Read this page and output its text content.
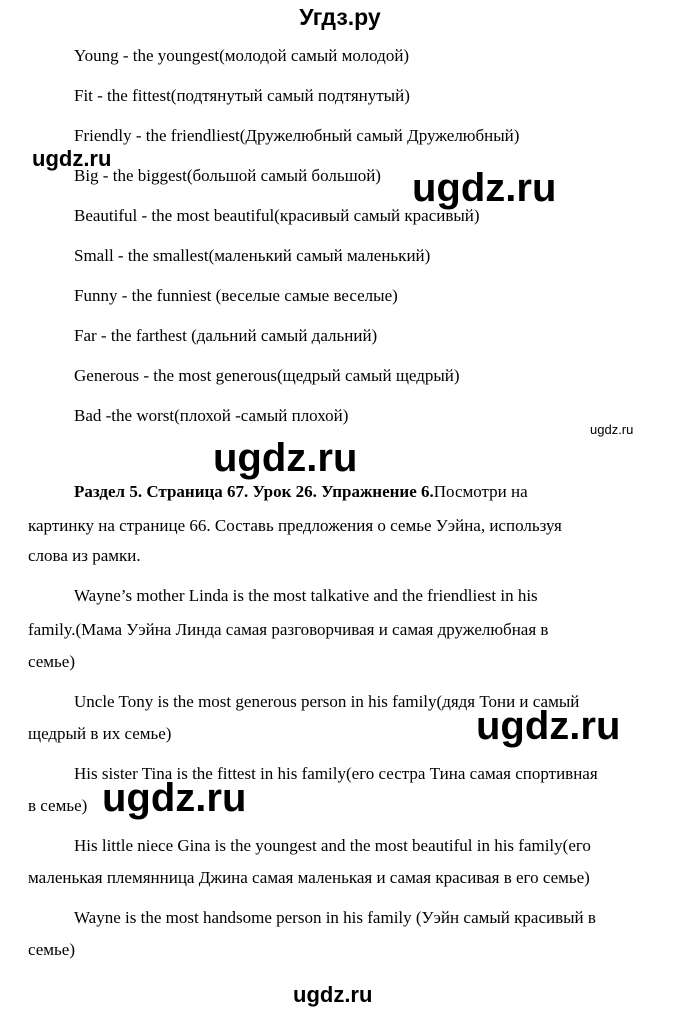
Угдз.ру
Young - the youngest(молодой самый молодой)
Fit - the fittest(подтянутый самый подтянутый)
Friendly - the friendliest(Дружелюбный самый Дружелюбный)
Big - the biggest(большой самый большой)
Beautiful - the most beautiful(красивый самый красивый)
Small - the smallest(маленький самый маленький)
Funny - the funniest (веселые самые веселые)
Far - the farthest (дальний самый дальний)
Generous - the most generous(щедрый самый щедрый)
Bad -the worst(плохой -самый плохой)
Раздел 5. Страница 67. Урок 26. Упражнение 6.Посмотри на
картинку на странице 66. Составь предложения о семье Уэйна, используя
слова из рамки.
Wayne’s mother Linda is the most talkative and the friendliest in his
family.(Мама Уэйна Линда самая разговорчивая и самая дружелюбная в
семье)
Uncle Tony is the most generous person in his family(дядя Тони и самый
щедрый в их семье)
His sister Tina is the fittest in his family(его сестра Тина самая спортивная
в семье)
His little niece Gina is the youngest and the most beautiful in his family(его
маленькая племянница Джина самая маленькая и самая красивая в его семье)
Wayne is the most handsome person in his family (Уэйн самый красивый в
семье)
ugdz.ru
ugdz.ru
ugdz.ru
ugdz.ru
ugdz.ru
ugdz.ru
ugdz.ru
